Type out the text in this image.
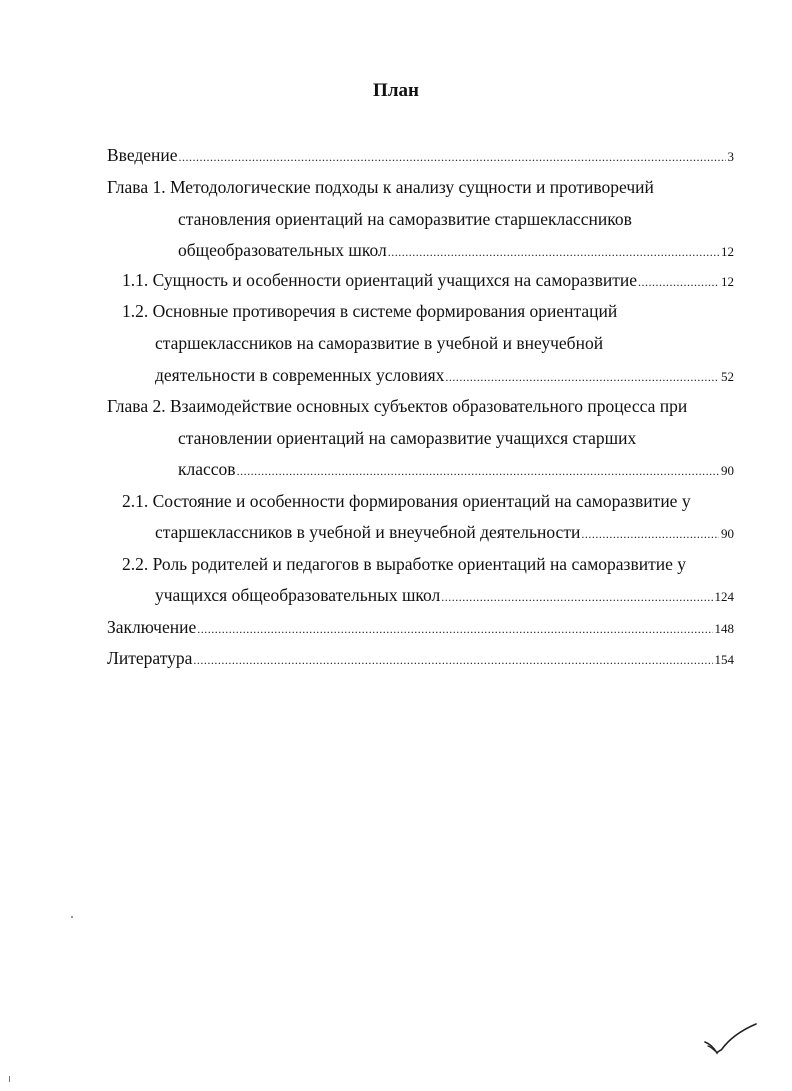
План
Введение .....	3
Глава 1. Методологические подходы к анализу сущности и противоречий
становления ориентаций на саморазвитие старшеклассников
общеобразовательных школ .....	12
1.1. Сущность и особенности ориентаций учащихся на саморазвитие .....	12
1.2. Основные противоречия в системе формирования ориентаций
старшеклассников на саморазвитие в учебной и внеучебной
деятельности в современных условиях .....	52
Глава 2. Взаимодействие основных субъектов образовательного процесса при
становлении ориентаций на саморазвитие учащихся старших
классов .....	90
2.1. Состояние и особенности формирования ориентаций на саморазвитие у
старшеклассников в учебной и внеучебной деятельности .....	90
2.2. Роль родителей и педагогов в выработке ориентаций на саморазвитие у
учащихся общеобразовательных школ .....	124
Заключение .....	148
Литература .....	154
